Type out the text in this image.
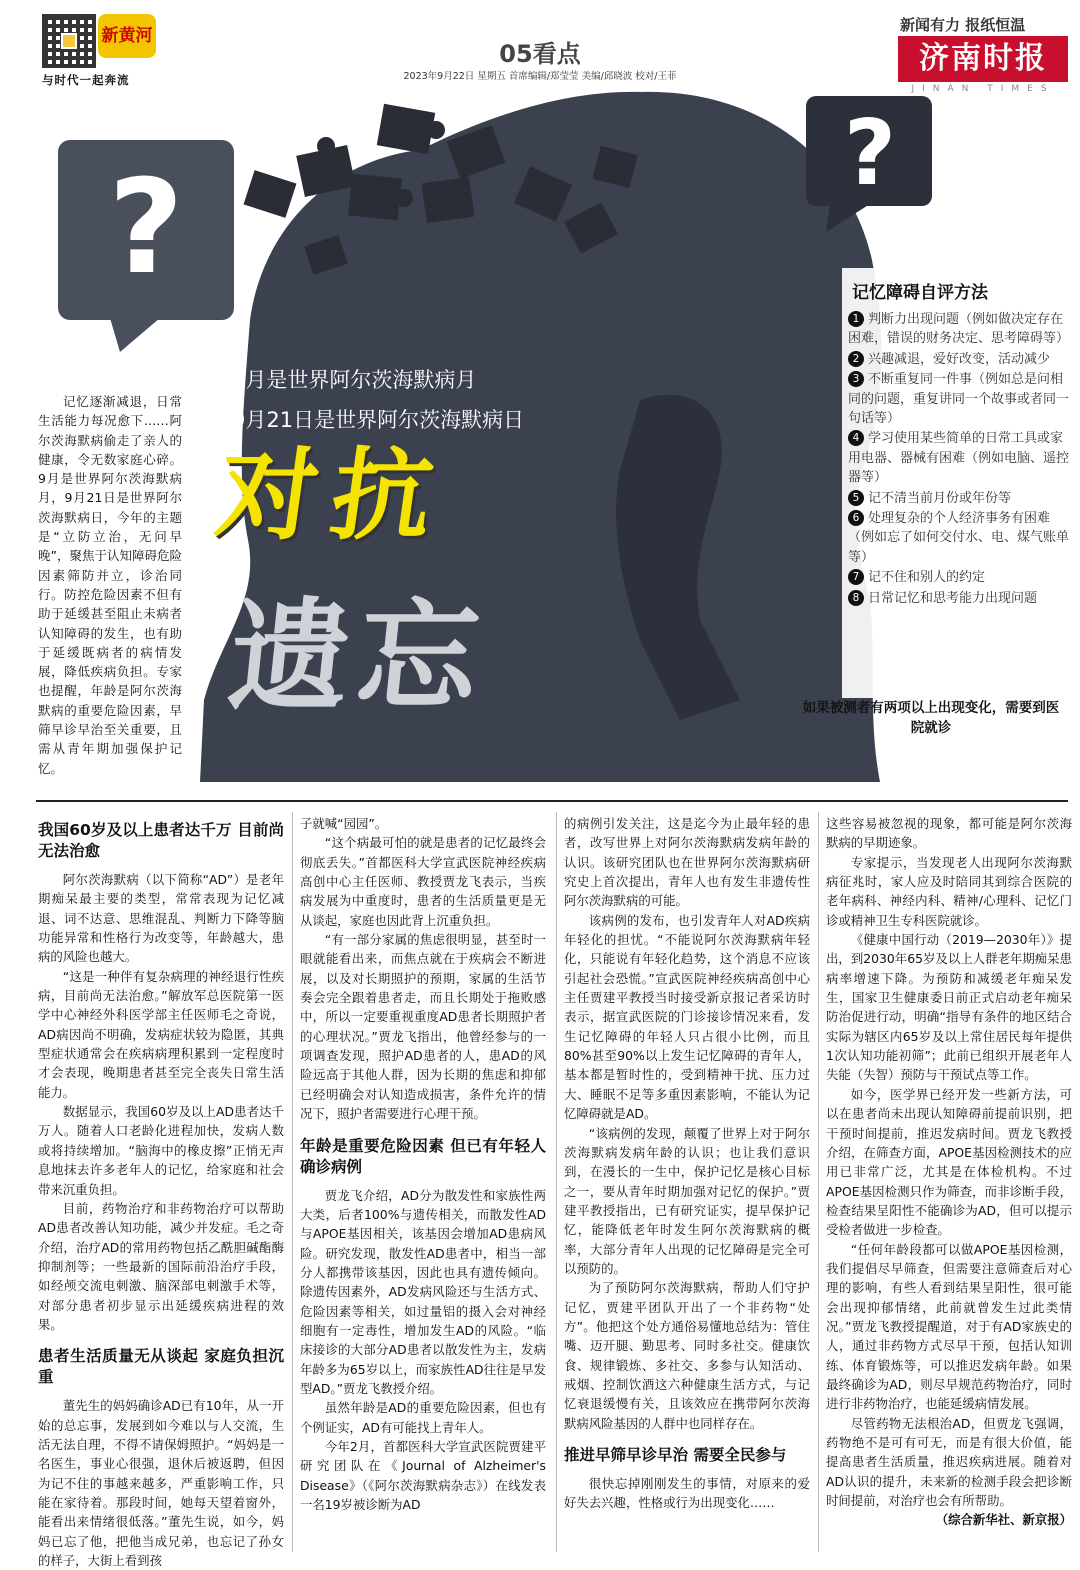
新黄河
与时代一起奔流
05看点
2023年9月22日 星期五 首席编辑/郑莹莹 美编/邱晓波 校对/王菲
新闻有力 报纸恒温
济南时报
JINAN TIMES
?	?
9月是世界阿尔茨海默病月
9月21日是世界阿尔茨海默病日
对抗
遗忘
记忆逐渐减退，日常生活能力每况愈下……阿尔茨海默病偷走了亲人的健康，令无数家庭心碎。9月是世界阿尔茨海默病月，9月21日是世界阿尔茨海默病日，今年的主题是“立防立治，无问早晚”，聚焦于认知障碍危险因素筛防并立，诊治同行。防控危险因素不但有助于延缓甚至阻止未病者认知障碍的发生，也有助于延缓既病者的病情发展，降低疾病负担。专家也提醒，年龄是阿尔茨海默病的重要危险因素，早筛早诊早治至关重要，且需从青年期加强保护记忆。
记忆障碍自评方法
1 判断力出现问题（例如做决定存在困难，错误的财务决定、思考障碍等）
2 兴趣减退，爱好改变，活动减少
3 不断重复同一件事（例如总是问相同的问题，重复讲同一个故事或者同一句话等）
4 学习使用某些简单的日常工具或家用电器、器械有困难（例如电脑、遥控器等）
5 记不清当前月份或年份等
6 处理复杂的个人经济事务有困难（例如忘了如何交付水、电、煤气账单等）
7 记不住和别人的约定
8 日常记忆和思考能力出现问题
如果被测者有两项以上出现变化，需要到医院就诊

我国60岁及以上患者达千万 目前尚无法治愈

阿尔茨海默病（以下简称“AD”）是老年期痴呆最主要的类型，常常表现为记忆减退、词不达意、思维混乱、判断力下降等脑功能异常和性格行为改变等，年龄越大，患病的风险也越大。

“这是一种伴有复杂病理的神经退行性疾病，目前尚无法治愈。”解放军总医院第一医学中心神经外科医学部主任医师毛之奇说，AD病因尚不明确，发病症状较为隐匿，其典型症状通常会在疾病病理积累到一定程度时才会表现，晚期患者甚至完全丧失日常生活能力。

数据显示，我国60岁及以上AD患者达千万人。随着人口老龄化进程加快，发病人数或将持续增加。“脑海中的橡皮擦”正悄无声息地抹去许多老年人的记忆，给家庭和社会带来沉重负担。

目前，药物治疗和非药物治疗可以帮助AD患者改善认知功能，减少并发症。毛之奇介绍，治疗AD的常用药物包括乙酰胆碱酯酶抑制剂等；一些最新的国际前沿治疗手段，如经颅交流电刺激、脑深部电刺激手术等，对部分患者初步显示出延缓疾病进程的效果。

患者生活质量无从谈起 家庭负担沉重

董先生的妈妈确诊AD已有10年，从一开始的总忘事，发展到如今难以与人交流，生活无法自理，不得不请保姆照护。“妈妈是一名医生，事业心很强，退休后被返聘，但因为记不住的事越来越多，严重影响工作，只能在家待着。那段时间，她每天望着窗外，能看出来情绪很低落。”董先生说，如今，妈妈已忘了他，把他当成兄弟，也忘记了孙女的样子，大街上看到孩

子就喊“园园”。

“这个病最可怕的就是患者的记忆最终会彻底丢失。”首都医科大学宣武医院神经疾病高创中心主任医师、教授贾龙飞表示，当疾病发展为中重度时，患者的生活质量更是无从谈起，家庭也因此背上沉重负担。

“有一部分家属的焦虑很明显，甚至时一眼就能看出来，而焦点就在于疾病会不断进展，以及对长期照护的预期，家属的生活节奏会完全跟着患者走，而且长期处于拖败感中，所以一定要重视重度AD患者长期照护者的心理状况。”贾龙飞指出，他曾经参与的一项调查发现，照护AD患者的人，患AD的风险远高于其他人群，因为长期的焦虑和抑郁已经明确会对认知造成损害，条件允许的情况下，照护者需要进行心理干预。

年龄是重要危险因素 但已有年轻人确诊病例

贾龙飞介绍，AD分为散发性和家族性两大类，后者100%与遗传相关，而散发性AD与APOE基因相关，该基因会增加AD患病风险。研究发现，散发性AD患者中，相当一部分人都携带该基因，因此也具有遗传倾向。除遗传因素外，AD发病风险还与生活方式、危险因素等相关，如过量铝的摄入会对神经细胞有一定毒性，增加发生AD的风险。“临床接诊的大部分AD患者以散发性为主，发病年龄多为65岁以上，而家族性AD往往是早发型AD。”贾龙飞教授介绍。

虽然年龄是AD的重要危险因素，但也有个例证实，AD有可能找上青年人。

今年2月，首都医科大学宣武医院贾建平研究团队在《Journal of Alzheimer's Disease》（《阿尔茨海默病杂志》）在线发表一名19岁被诊断为AD

的病例引发关注，这是迄今为止最年轻的患者，改写世界上对阿尔茨海默病发病年龄的认识。该研究团队也在世界阿尔茨海默病研究史上首次提出，青年人也有发生非遗传性阿尔茨海默病的可能。

该病例的发布，也引发青年人对AD疾病年轻化的担忧。“不能说阿尔茨海默病年轻化，只能说有年轻化趋势，这个消息不应该引起社会恐慌。”宣武医院神经疾病高创中心主任贾建平教授当时接受新京报记者采访时表示，据宣武医院的门诊接诊情况来看，发生记忆障碍的年轻人只占很小比例，而且80%甚至90%以上发生记忆障碍的青年人，基本都是暂时性的，受到精神干扰、压力过大、睡眠不足等多重因素影响，不能认为记忆障碍就是AD。

“该病例的发现，颠覆了世界上对于阿尔茨海默病发病年龄的认识；也让我们意识到，在漫长的一生中，保护记忆是核心目标之一，要从青年时期加强对记忆的保护。”贾建平教授指出，已有研究证实，提早保护记忆，能降低老年时发生阿尔茨海默病的概率，大部分青年人出现的记忆障碍是完全可以预防的。

为了预防阿尔茨海默病，帮助人们守护记忆，贾建平团队开出了一个非药物“处方”。他把这个处方通俗易懂地总结为：管住嘴、迈开腿、勤思考、同时多社交。健康饮食、规律锻炼、多社交、多参与认知活动、戒烟、控制饮酒这六种健康生活方式，与记忆衰退缓慢有关，且该效应在携带阿尔茨海默病风险基因的人群中也同样存在。

推进早筛早诊早治 需要全民参与

很快忘掉刚刚发生的事情，对原来的爱好失去兴趣，性格或行为出现变化……

这些容易被忽视的现象，都可能是阿尔茨海默病的早期迹象。

专家提示，当发现老人出现阿尔茨海默病征兆时，家人应及时陪同其到综合医院的老年病科、神经内科、精神/心理科、记忆门诊或精神卫生专科医院就诊。

《健康中国行动（2019—2030年）》提出，到2030年65岁及以上人群老年期痴呆患病率增速下降。为预防和减缓老年痴呆发生，国家卫生健康委日前正式启动老年痴呆防治促进行动，明确“指导有条件的地区结合实际为辖区内65岁及以上常住居民每年提供1次认知功能初筛”；此前已组织开展老年人失能（失智）预防与干预试点等工作。

如今，医学界已经开发一些新方法，可以在患者尚未出现认知障碍前提前识别，把干预时间提前，推迟发病时间。贾龙飞教授介绍，在筛查方面，APOE基因检测技术的应用已非常广泛，尤其是在体检机构。不过APOE基因检测只作为筛查，而非诊断手段，检查结果呈阳性不能确诊为AD，但可以提示受检者做进一步检查。

“任何年龄段都可以做APOE基因检测，我们提倡尽早筛查，但需要注意筛查后对心理的影响，有些人看到结果呈阳性，很可能会出现抑郁情绪，此前就曾发生过此类情况。”贾龙飞教授提醒道，对于有AD家族史的人，通过非药物方式尽早干预，包括认知训练、体育锻炼等，可以推迟发病年龄。如果最终确诊为AD，则尽早规范药物治疗，同时进行非药物治疗，也能延缓病情发展。

尽管药物无法根治AD，但贾龙飞强调，药物绝不是可有可无，而是有很大价值，能提高患者生活质量，推迟疾病进展。随着对AD认识的提升，未来新的检测手段会把诊断时间提前，对治疗也会有所帮助。

（综合新华社、新京报）
